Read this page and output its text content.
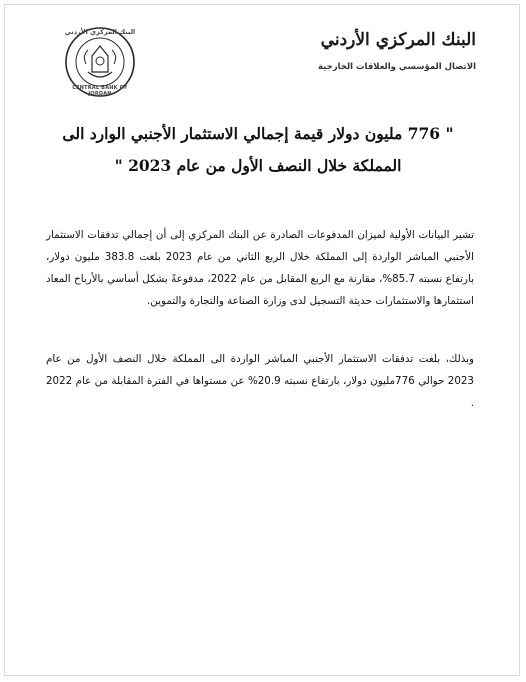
البنك المركزي الأردني
الاتصال المؤسسي والعلاقات الخارجية
البنك المركزي الأردني
CENTRAL BANK OF JORDAN
" 776 مليون دولار قيمة إجمالي الاستثمار الأجنبي الوارد الى المملكة خلال النصف الأول من عام 2023 "
تشير البيانات الأولية لميزان المدفوعات الصادرة عن البنك المركزي إلى أن إجمالي تدفقات الاستثمار الأجنبي المباشر الواردة إلى المملكة خلال الربع الثاني من عام 2023 بلغت 383.8 مليون دولار، بارتفاع نسبته 85.7%، مقارنة مع الربع المقابل من عام 2022، مدفوعةً بشكل أساسي بالأرباح المعاد استثمارها والاستثمارات حديثة التسجيل لدى وزارة الصناعة والتجارة والتموين.
وبذلك، بلغت تدفقات الاستثمار الأجنبي المباشر الواردة الى المملكة خلال النصف الأول من عام 2023 حوالي 776مليون دولار، بارتفاع نسبته 20.9% عن مستواها في الفترة المقابلة من عام 2022 .
